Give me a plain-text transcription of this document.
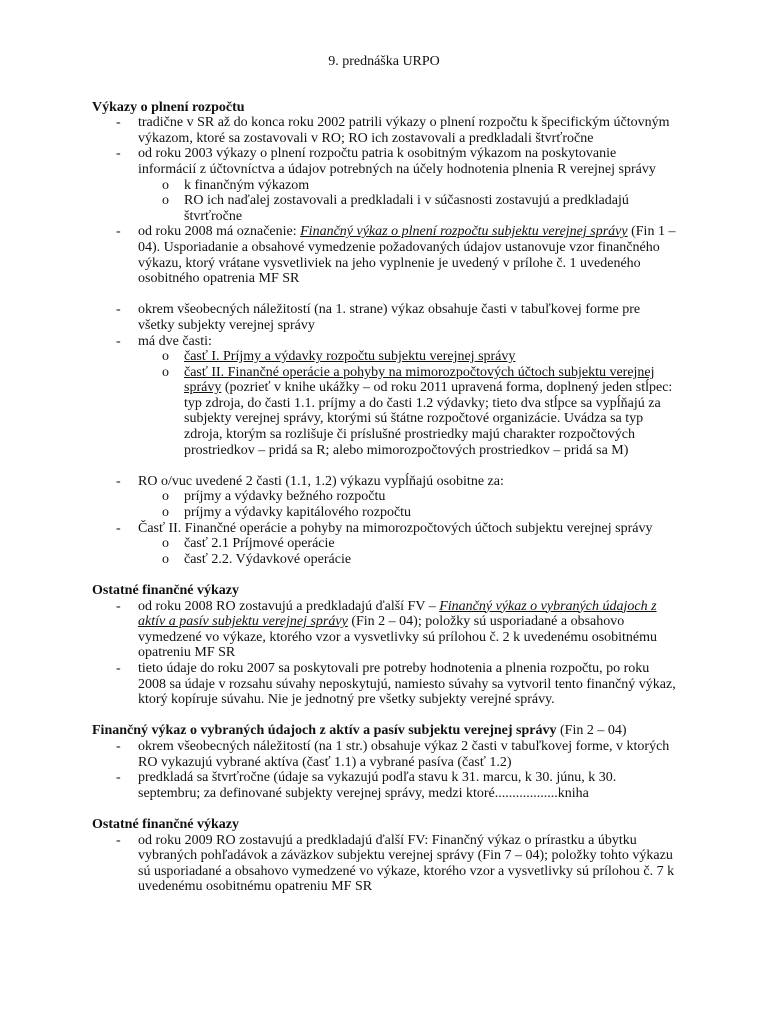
9. prednáška URPO
Výkazy o plnení rozpočtu
- tradične v SR až do konca roku 2002 patrili výkazy o plnení rozpočtu k špecifickým účtovným výkazom, ktoré sa zostavovali v RO; RO ich zostavovali a predkladali štvrťročne
- od roku 2003 výkazy o plnení rozpočtu patria k osobitným výkazom na poskytovanie informácií z účtovníctva a údajov potrebných na účely hodnotenia plnenia R verejnej správy
o k finančným výkazom
o RO ich naďalej zostavovali a predkladali i v súčasnosti zostavujú a predkladajú štvrťročne
- od roku 2008 má označenie: Finančný výkaz o plnení rozpočtu subjektu verejnej správy (Fin 1 – 04). Usporiadanie a obsahové vymedzenie požadovaných údajov ustanovuje vzor finančného výkazu, ktorý vrátane vysvetliviek na jeho vyplnenie je uvedený v prílohe č. 1 uvedeného osobitného opatrenia MF SR
- okrem všeobecných náležitostí (na 1. strane) výkaz obsahuje časti v tabuľkovej forme pre všetky subjekty verejnej správy
- má dve časti:
o časť I. Príjmy a výdavky rozpočtu subjektu verejnej správy
o časť II. Finančné operácie a pohyby na mimorozpočtových účtoch subjektu verejnej správy (pozrieť v knihe ukážky – od roku 2011 upravená forma, doplnený jeden stĺpec: typ zdroja, do časti 1.1. príjmy a do časti 1.2 výdavky; tieto dva stĺpce sa vypĺňajú za subjekty verejnej správy, ktorými sú štátne rozpočtové organizácie. Uvádza sa typ zdroja, ktorým sa rozlišuje či príslušné prostriedky majú charakter rozpočtových prostriedkov – pridá sa R; alebo mimorozpočtových prostriedkov – pridá sa M)
- RO o/vuc uvedené 2 časti (1.1, 1.2) výkazu vypĺňajú osobitne za:
o príjmy a výdavky bežného rozpočtu
o príjmy a výdavky kapitálového rozpočtu
- Časť II. Finančné operácie a pohyby na mimorozpočtových účtoch subjektu verejnej správy
o časť 2.1 Príjmové operácie
o časť 2.2. Výdavkové operácie
Ostatné finančné výkazy
- od roku 2008 RO zostavujú a predkladajú ďalší FV – Finančný výkaz o vybraných údajoch z aktív a pasív subjektu verejnej správy (Fin 2 – 04); položky sú usporiadané a obsahovo vymedzené vo výkaze, ktorého vzor a vysvetlivky sú prílohou č. 2 k uvedenému osobitnému opatreniu MF SR
- tieto údaje do roku 2007 sa poskytovali pre potreby hodnotenia a plnenia rozpočtu, po roku 2008 sa údaje v rozsahu súvahy neposkytujú, namiesto súvahy sa vytvoril tento finančný výkaz, ktorý kopíruje súvahu. Nie je jednotný pre všetky subjekty verejné správy.
Finančný výkaz o vybraných údajoch z aktív a pasív subjektu verejnej správy (Fin 2 – 04)
- okrem všeobecných náležitostí (na 1 str.) obsahuje výkaz 2 časti v tabuľkovej forme, v ktorých RO vykazujú vybrané aktíva (časť 1.1) a vybrané pasíva (časť 1.2)
- predkladá sa štvrťročne (údaje sa vykazujú podľa stavu k 31. marcu, k 30. júnu, k 30. septembru; za definované subjekty verejnej správy, medzi ktoré..................kniha
Ostatné finančné výkazy
- od roku 2009 RO zostavujú a predkladajú ďalší FV: Finančný výkaz o prírastku a úbytku vybraných pohľadávok a záväzkov subjektu verejnej správy (Fin 7 – 04); položky tohto výkazu sú usporiadané a obsahovo vymedzené vo výkaze, ktorého vzor a vysvetlivky sú prílohou č. 7 k uvedenému osobitnému opatreniu MF SR
